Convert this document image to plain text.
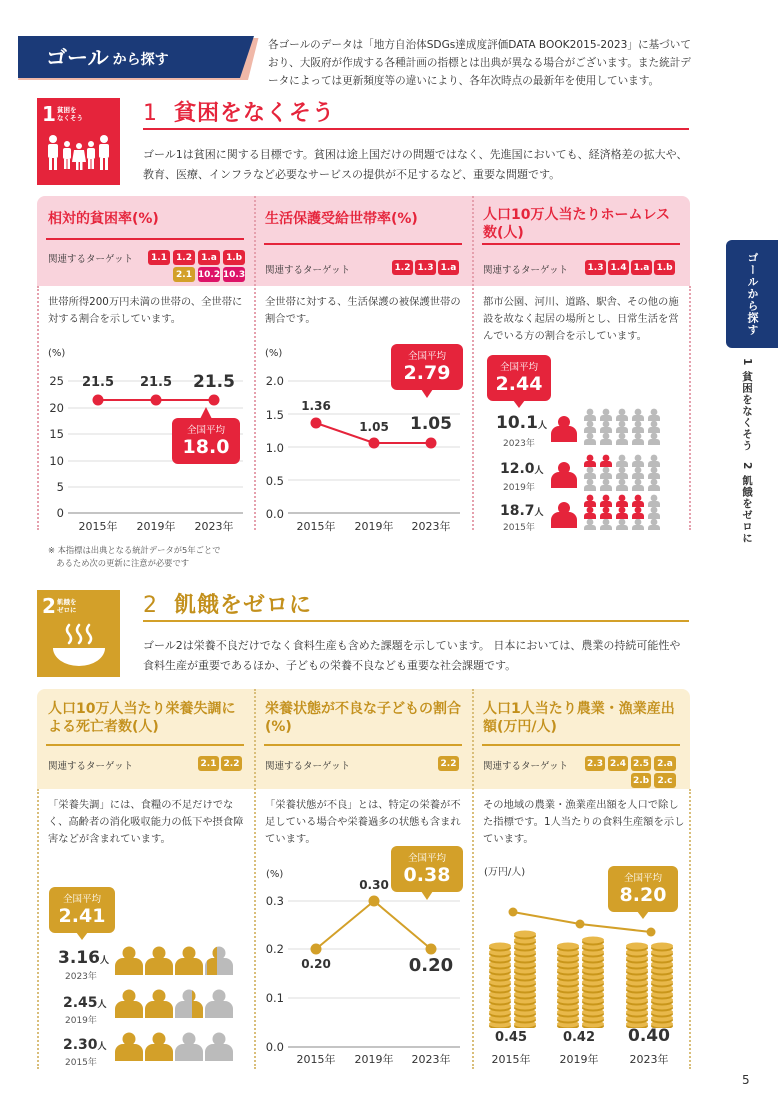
ゴール から探す
各ゴールのデータは「地方自治体SDGs達成度評価DATA BOOK2015-2023」に基づいており、大阪府が作成する各種計画の指標とは出典が異なる場合がございます。また統計データによっては更新頻度等の違いにより、各年次時点の最新年を使用しています。
1 貧困を
なくそう	1 貧困をなくそう
ゴール1は貧困に関する目標です。貧困は途上国だけの問題ではなく、先進国においても、経済格差の拡大や、教育、医療、インフラなど必要なサービスの提供が不足するなど、重要な問題です。
相対的貧困率(%)
関連するターゲット	1.1	1.2	1.a	1.b
2.1 10.2 10.3
世帯所得200万円未満の世帯の、全世帯に対する割合を示しています。
(%)
25
20
15
10
5
0
21.5	21.5	21.5
全国平均
18.0
2015年	2019年	2023年
※ 本指標は出典となる統計データが5年ごとで
　あるため次の更新に注意が必要です
生活保護受給世帯率(%)
関連するターゲット	1.2 1.3 1.a
全世帯に対する、生活保護の被保護世帯の割合です。
(%)
2.0
1.5
1.0
0.5
0.0
1.36
1.05	1.05
全国平均
2.79
2015年	2019年	2023年
人口10万人当たりホームレス数(人)
関連するターゲット 1.3 1.4 1.a 1.b
都市公園、河川、道路、駅舎、その他の施設を故なく起居の場所とし、日常生活を営んでいる方の割合を示しています。
全国平均
2.44
10.1人
2023年
12.0人
2019年
18.7人
2015年
2 飢餓を
ゼロに	2 飢餓をゼロに
ゴール2は栄養不良だけでなく食料生産も含めた課題を示しています。 日本においては、農業の持続可能性や食料生産が重要であるほか、子どもの栄養不良なども重要な社会課題です。
人口10万人当たり栄養失調による死亡者数(人)
関連するターゲット	2.1 2.2
「栄養失調」には、食糧の不足だけでなく、高齢者の消化吸収能力の低下や摂食障害などが含まれています。
全国平均
2.41
3.16人
2023年
2.45人
2019年
2.30人
2015年
栄養状態が不良な子どもの割合(%)
関連するターゲット	2.2
「栄養状態が不良」とは、特定の栄養が不足している場合や栄養過多の状態も含まれています。
(%)
0.3
0.2
0.1
0.0
0.20
0.30
0.20
全国平均
0.38
2015年	2019年	2023年
人口1人当たり農業・漁業産出額(万円/人)
関連するターゲット 2.3 2.4 2.5 2.a
2.b 2.c
その地域の農業・漁業産出額を人口で除した指標です。1人当たりの食料生産額を示しています。
(万円/人)
全国平均
8.20
0.45	0.42	0.40
2015年	2019年	2023年
ゴールから探す
1 貧困をなくそう
2 飢餓をゼロに
5
